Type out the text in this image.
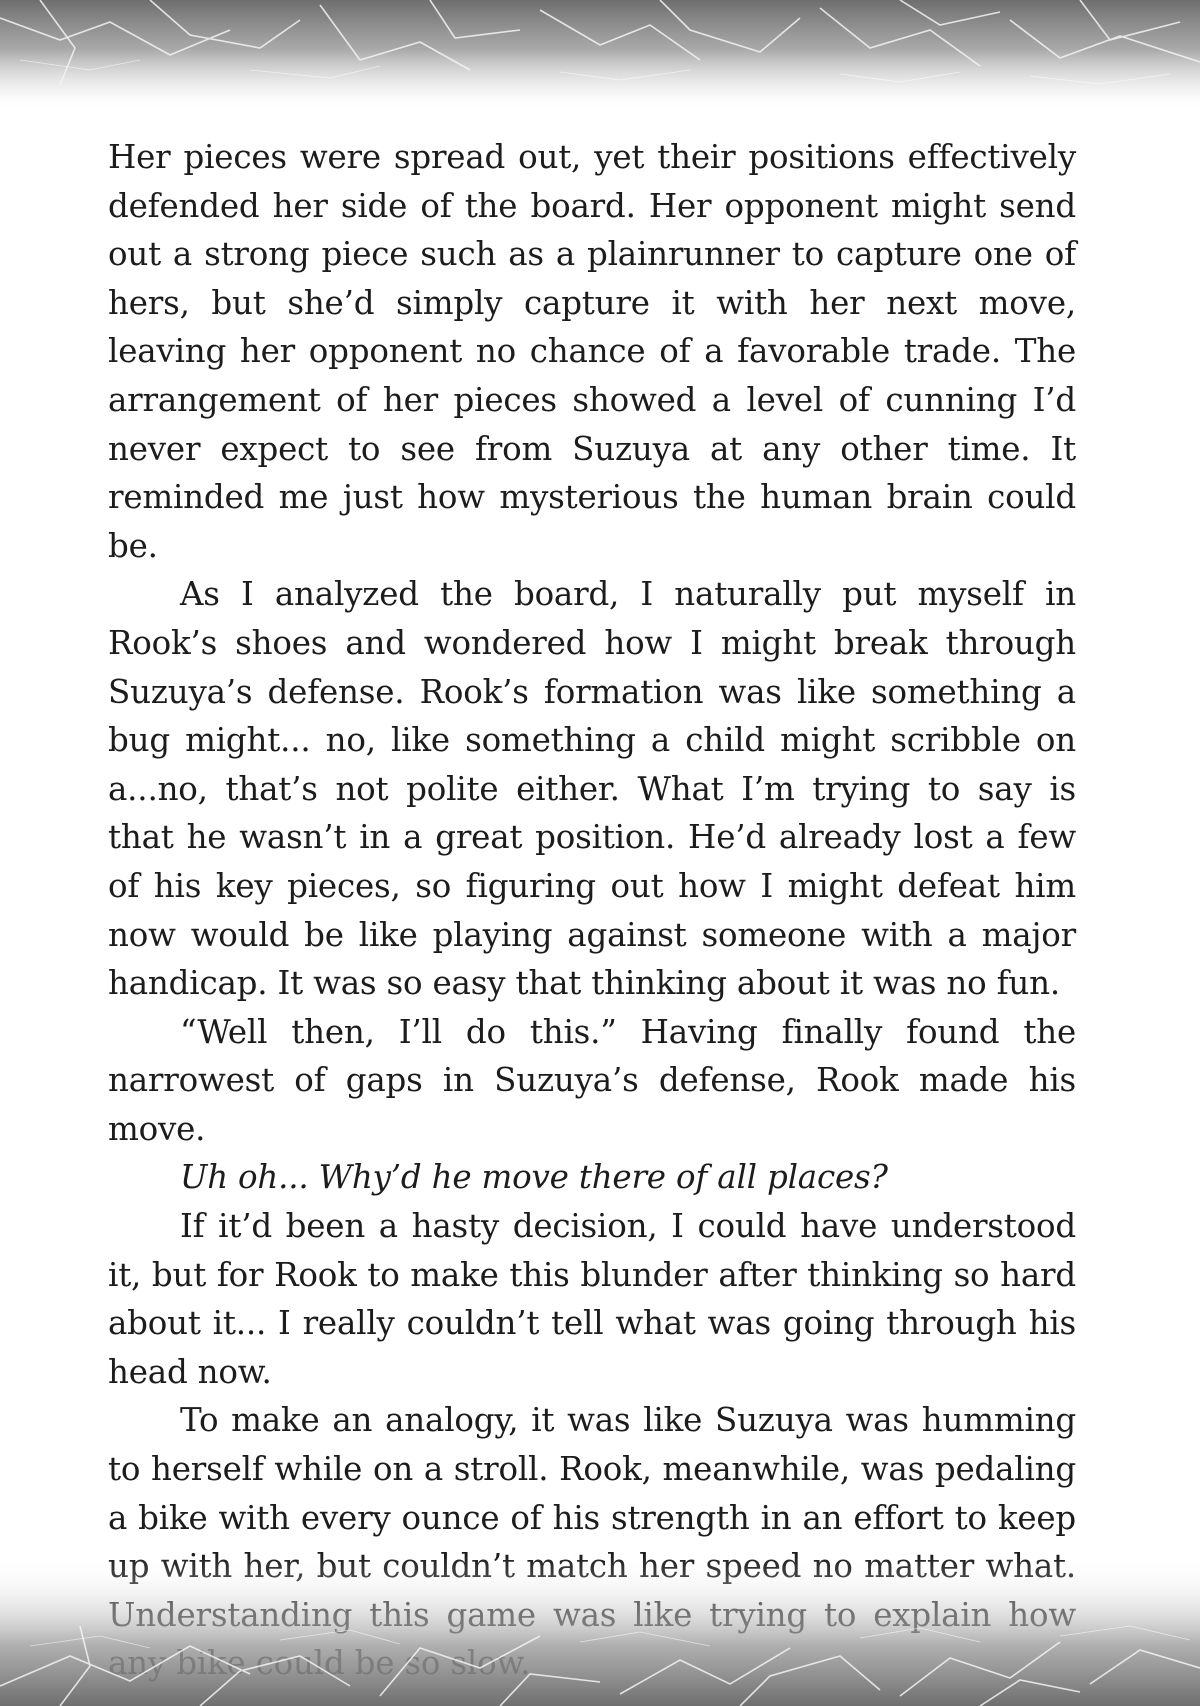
Her pieces were spread out, yet their positions effectively defended her side of the board. Her opponent might send out a strong piece such as a plainrunner to capture one of hers, but she’d simply capture it with her next move, leaving her opponent no chance of a favorable trade. The arrangement of her pieces showed a level of cunning I’d never expect to see from Suzuya at any other time. It reminded me just how mysterious the human brain could be.

As I analyzed the board, I naturally put myself in Rook’s shoes and wondered how I might break through Suzuya’s defense. Rook’s formation was like something a bug might... no, like something a child might scribble on a...no, that’s not polite either. What I’m trying to say is that he wasn’t in a great position. He’d already lost a few of his key pieces, so figuring out how I might defeat him now would be like playing against someone with a major handicap. It was so easy that thinking about it was no fun.

“Well then, I’ll do this.” Having finally found the narrowest of gaps in Suzuya’s defense, Rook made his move.

Uh oh... Why’d he move there of all places?

If it’d been a hasty decision, I could have understood it, but for Rook to make this blunder after thinking so hard about it... I really couldn’t tell what was going through his head now.

To make an analogy, it was like Suzuya was humming to herself while on a stroll. Rook, meanwhile, was pedaling a bike with every ounce of his strength in an effort to keep
